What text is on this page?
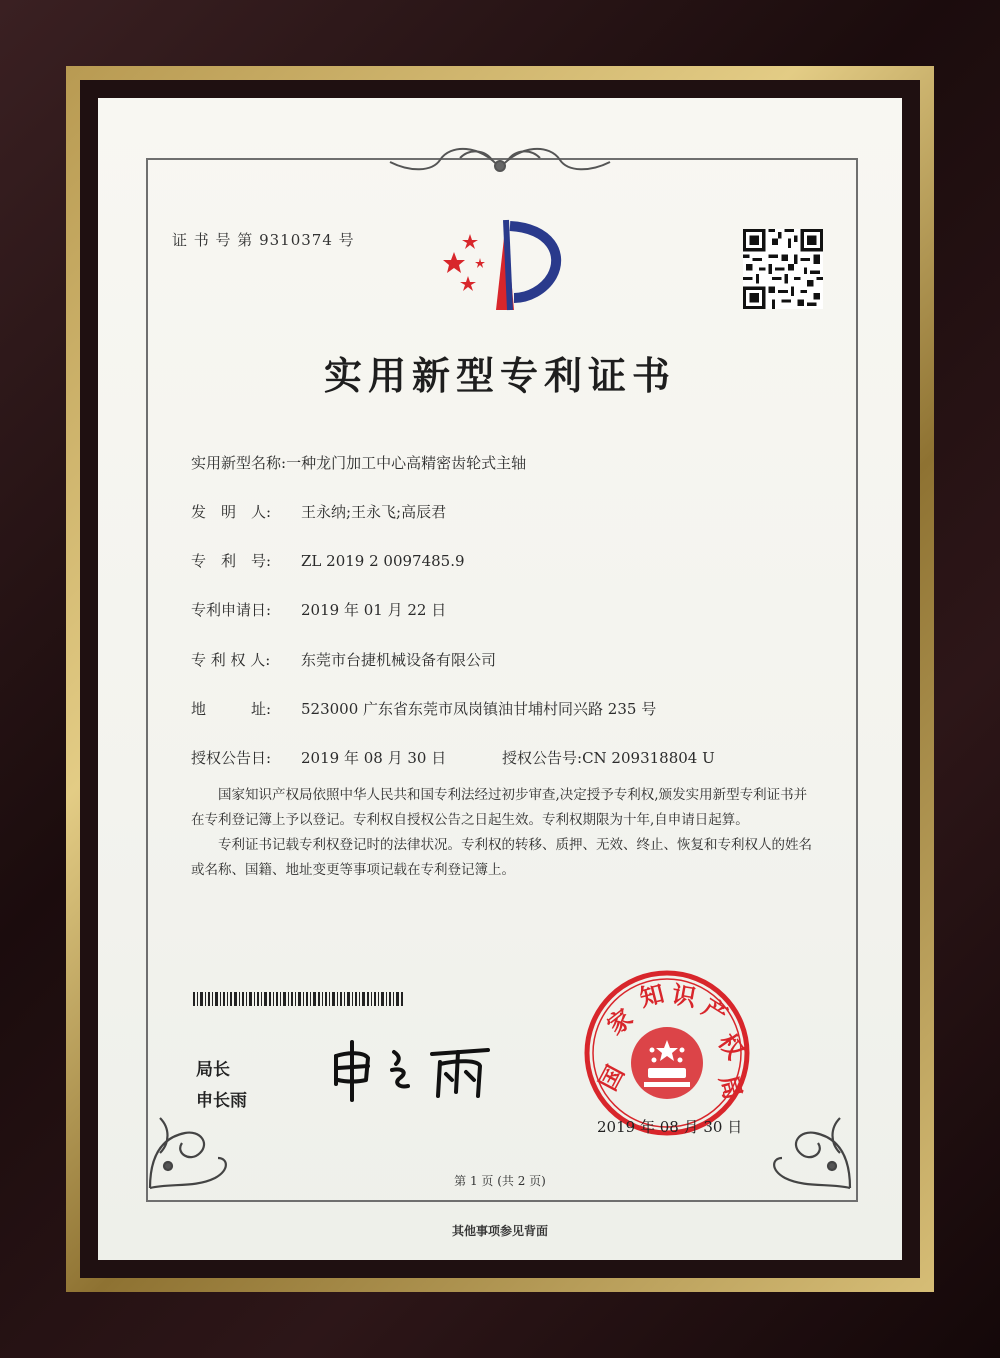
证 书 号 第 9310374 号
实用新型专利证书
实用新型名称:一种龙门加工中心高精密齿轮式主轴
发　明　人: 王永纳;王永飞;高辰君
专　利　号: ZL 2019 2 0097485.9
专利申请日: 2019 年 01 月 22 日
专 利 权 人: 东莞市台捷机械设备有限公司
地　　　址: 523000 广东省东莞市凤岗镇油甘埔村同兴路 235 号
授权公告日: 2019 年 08 月 30 日	授权公告号:CN 209318804 U

国家知识产权局依照中华人民共和国专利法经过初步审查,决定授予专利权,颁发实用新型专利证书并在专利登记簿上予以登记。专利权自授权公告之日起生效。专利权期限为十年,自申请日起算。

专利证书记载专利权登记时的法律状况。专利权的转移、质押、无效、终止、恢复和专利权人的姓名或名称、国籍、地址变更等事项记载在专利登记簿上。

局长
申长雨
国
家
知 识
产
权
局
2019 年 08 月 30 日
第 1 页 (共 2 页)
其他事项参见背面
